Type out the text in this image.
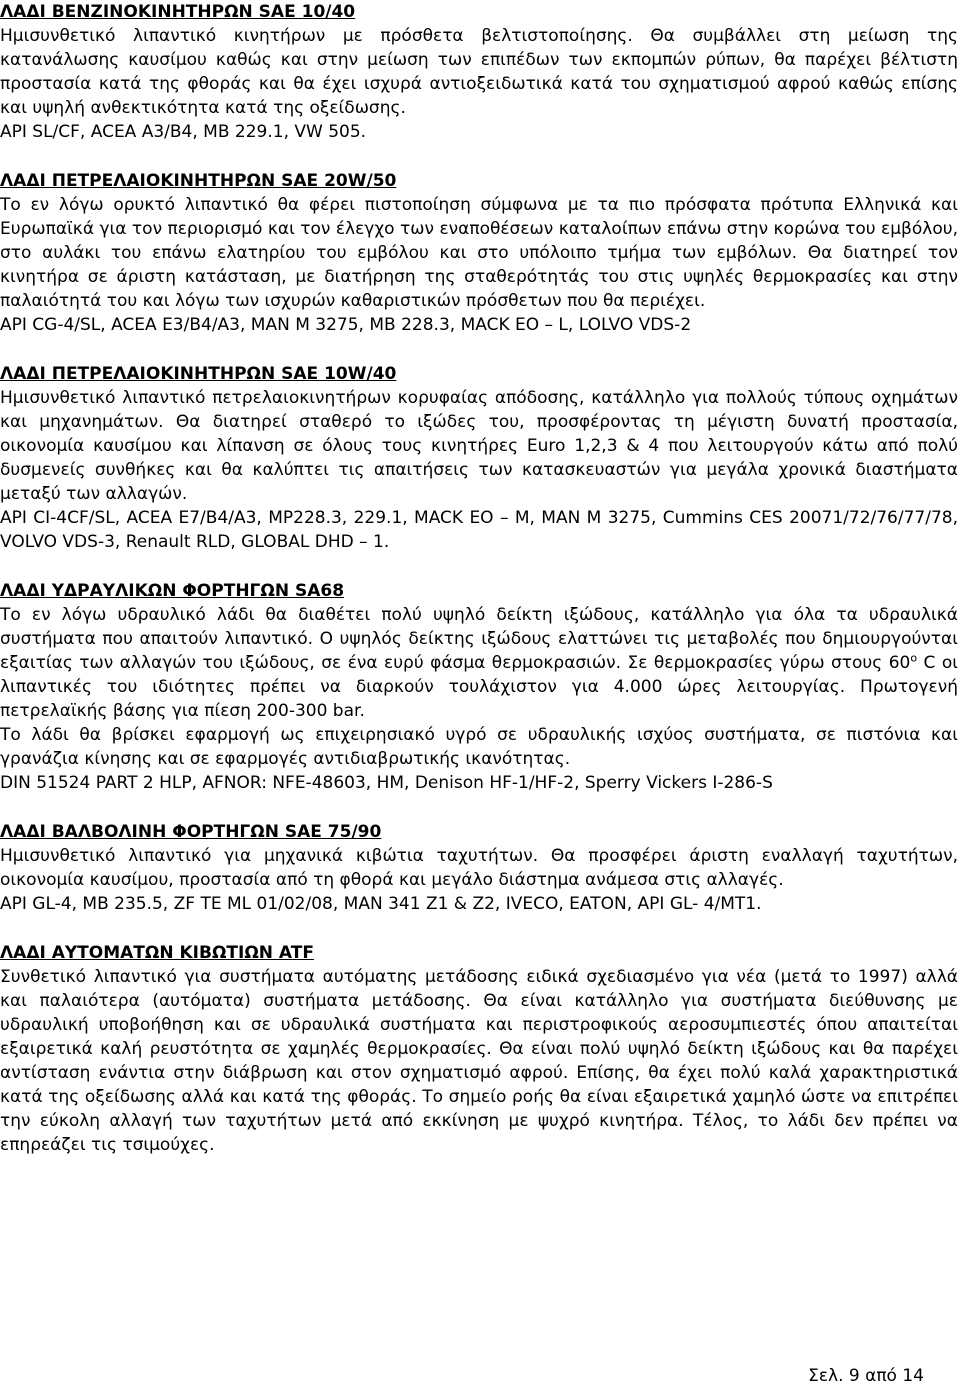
ΛΑΔΙ ΒΕΝΖΙΝΟΚΙΝΗΤΗΡΩΝ SAE 10/40

Ημισυνθετικό λιπαντικό κινητήρων με πρόσθετα βελτιστοποίησης. Θα συμβάλλει στη μείωση της κατανάλωσης καυσίμου καθώς και στην μείωση των επιπέδων των εκπομπών ρύπων, θα παρέχει βέλτιστη προστασία κατά της φθοράς και θα έχει ισχυρά αντιοξειδωτικά κατά του σχηματισμού αφρού καθώς επίσης και υψηλή ανθεκτικότητα κατά της οξείδωσης.

API SL/CF, ACEA A3/B4, MB 229.1, VW 505.

ΛΑΔΙ ΠΕΤΡΕΛΑΙΟΚΙΝΗΤΗΡΩΝ SAE 20W/50

Το εν λόγω ορυκτό λιπαντικό θα φέρει πιστοποίηση σύμφωνα με τα πιο πρόσφατα πρότυπα Ελληνικά και Ευρωπαϊκά για τον περιορισμό και τον έλεγχο των εναποθέσεων καταλοίπων επάνω στην κορώνα του εμβόλου, στο αυλάκι του επάνω ελατηρίου του εμβόλου και στο υπόλοιπο τμήμα των εμβόλων. Θα διατηρεί τον κινητήρα σε άριστη κατάσταση, με διατήρηση της σταθερότητάς του στις υψηλές θερμοκρασίες και στην παλαιότητά του και λόγω των ισχυρών καθαριστικών πρόσθετων που θα περιέχει.

API CG-4/SL, ACEA E3/B4/A3, MAN M 3275, MB 228.3, MACK EO – L, LOLVO VDS-2

ΛΑΔΙ ΠΕΤΡΕΛΑΙΟΚΙΝΗΤΗΡΩΝ SAE 10W/40

Ημισυνθετικό λιπαντικό πετρελαιοκινητήρων κορυφαίας απόδοσης, κατάλληλο για πολλούς τύπους οχημάτων και μηχανημάτων. Θα διατηρεί σταθερό το ιξώδες του, προσφέροντας τη μέγιστη δυνατή προστασία, οικονομία καυσίμου και λίπανση σε όλους τους κινητήρες Euro 1,2,3 & 4 που λειτουργούν κάτω από πολύ δυσμενείς συνθήκες και θα καλύπτει τις απαιτήσεις των κατασκευαστών για μεγάλα χρονικά διαστήματα μεταξύ των αλλαγών.

API CI-4CF/SL, ACEA E7/B4/A3, MP228.3, 229.1, MACK EO – M, MAN M 3275, Cummins CES 20071/72/76/77/78, VOLVO VDS-3, Renault RLD, GLOBAL DHD – 1.

ΛΑΔΙ ΥΔΡΑΥΛΙΚΩΝ ΦΟΡΤΗΓΩΝ SA68

Το εν λόγω υδραυλικό λάδι θα διαθέτει πολύ υψηλό δείκτη ιξώδους, κατάλληλο για όλα τα υδραυλικά συστήματα που απαιτούν λιπαντικό. Ο υψηλός δείκτης ιξώδους ελαττώνει τις μεταβολές που δημιουργούνται εξαιτίας των αλλαγών του ιξώδους, σε ένα ευρύ φάσμα θερμοκρασιών. Σε θερμοκρασίες γύρω στους 60$^o$ C οι λιπαντικές του ιδιότητες πρέπει να διαρκούν τουλάχιστον για 4.000 ώρες λειτουργίας. Πρωτογενή πετρελαϊκής βάσης για πίεση 200-300 bar.

Το λάδι θα βρίσκει εφαρμογή ως επιχειρησιακό υγρό σε υδραυλικής ισχύος συστήματα, σε πιστόνια και γρανάζια κίνησης και σε εφαρμογές αντιδιαβρωτικής ικανότητας.

DIN 51524 PART 2 HLP, AFNOR: NFE-48603, HM, Denison HF-1/HF-2, Sperry Vickers I-286-S

ΛΑΔΙ ΒΑΛΒΟΛΙΝΗ ΦΟΡΤΗΓΩΝ SAE 75/90

Ημισυνθετικό λιπαντικό για μηχανικά κιβώτια ταχυτήτων. Θα προσφέρει άριστη εναλλαγή ταχυτήτων, οικονομία καυσίμου, προστασία από τη φθορά και μεγάλο διάστημα ανάμεσα στις αλλαγές.

API GL-4, MB 235.5, ZF TE ML 01/02/08, MAN 341 Z1 & Z2, IVECO, EATON, API GL- 4/MT1.

ΛΑΔΙ ΑΥΤΟΜΑΤΩΝ ΚΙΒΩΤΙΩΝ ATF

Συνθετικό λιπαντικό για συστήματα αυτόματης μετάδοσης ειδικά σχεδιασμένο για νέα (μετά το 1997) αλλά και παλαιότερα (αυτόματα) συστήματα μετάδοσης. Θα είναι κατάλληλο για συστήματα διεύθυνσης με υδραυλική υποβοήθηση και σε υδραυλικά συστήματα και περιστροφικούς αεροσυμπιεστές όπου απαιτείται εξαιρετικά καλή ρευστότητα σε χαμηλές θερμοκρασίες. Θα είναι πολύ υψηλό δείκτη ιξώδους και θα παρέχει αντίσταση ενάντια στην διάβρωση και στον σχηματισμό αφρού. Επίσης, θα έχει πολύ καλά χαρακτηριστικά κατά της οξείδωσης αλλά και κατά της φθοράς. Το σημείο ροής θα είναι εξαιρετικά χαμηλό ώστε να επιτρέπει την εύκολη αλλαγή των ταχυτήτων μετά από εκκίνηση με ψυχρό κινητήρα. Τέλος, το λάδι δεν πρέπει να επηρεάζει τις τσιμούχες.

Σελ. 9 από 14
